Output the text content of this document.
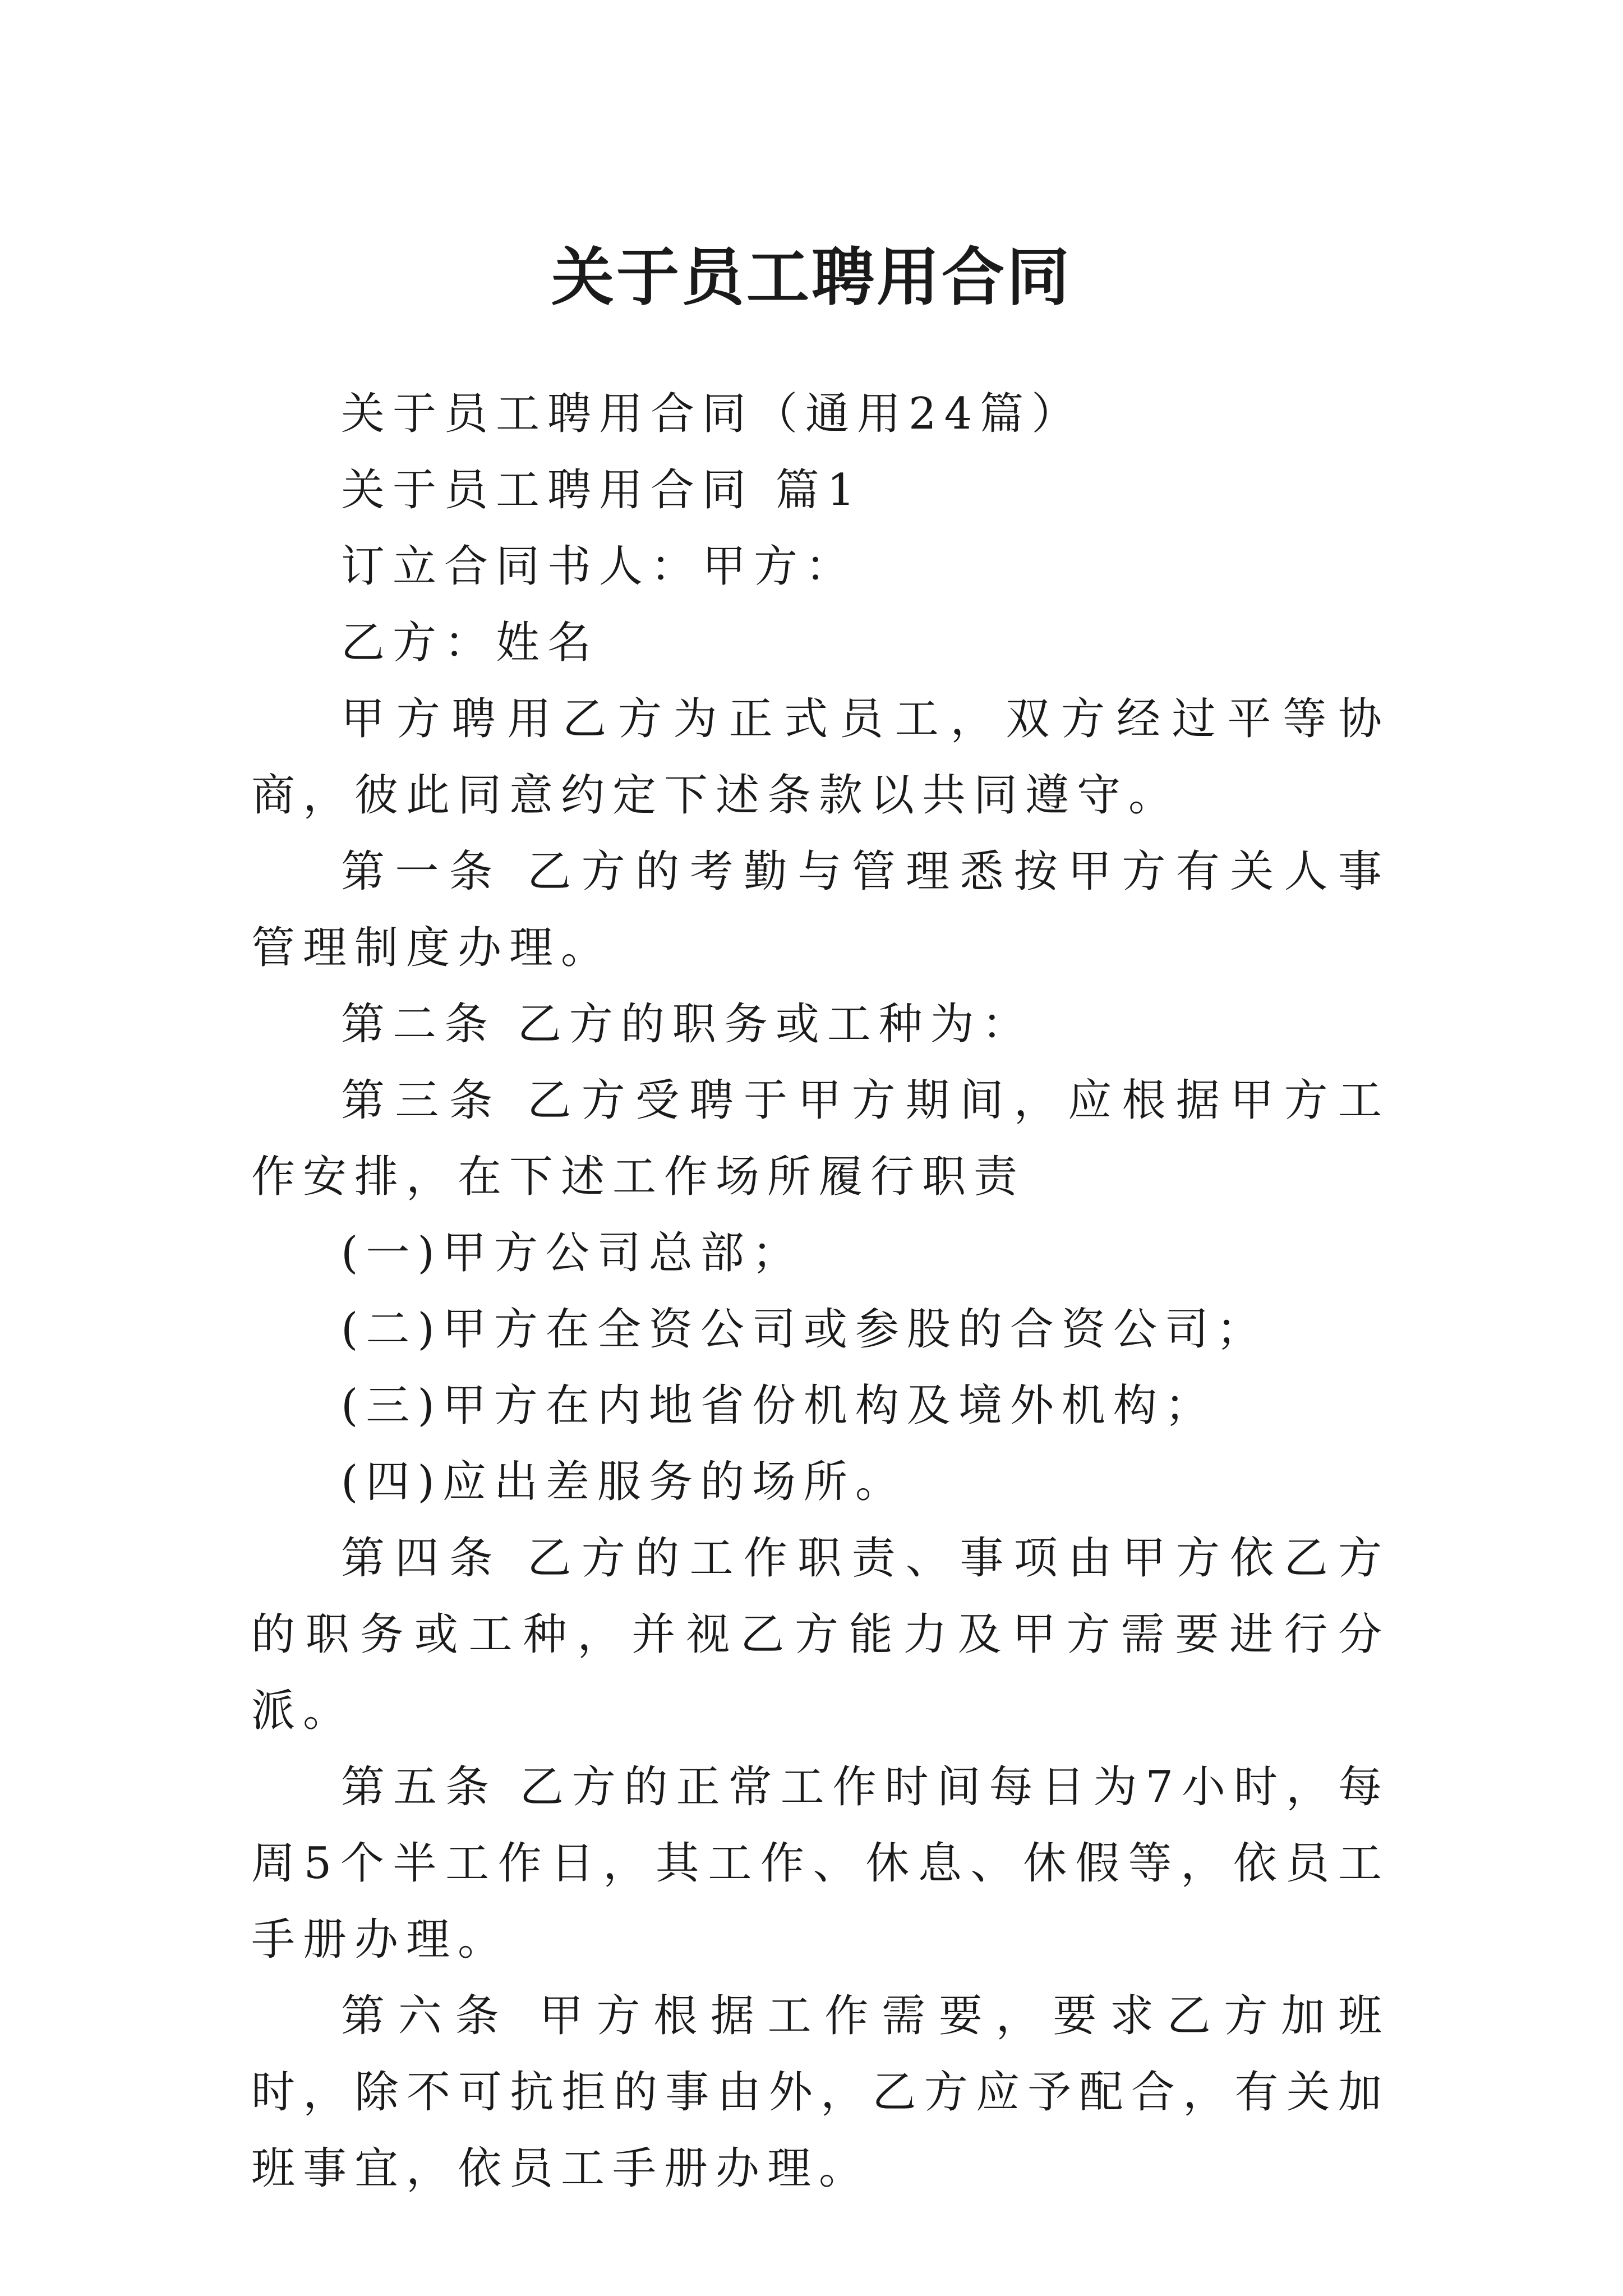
关于员工聘用合同

关于员工聘用合同（通用24篇）

关于员工聘用合同 篇1

订立合同书人：甲方：

乙方：姓名

甲方聘用乙方为正式员工，双方经过平等协商，彼此同意约定下述条款以共同遵守。

第一条 乙方的考勤与管理悉按甲方有关人事管理制度办理。

第二条 乙方的职务或工种为：

第三条 乙方受聘于甲方期间，应根据甲方工作安排，在下述工作场所履行职责

(一)甲方公司总部；

(二)甲方在全资公司或参股的合资公司；

(三)甲方在内地省份机构及境外机构；

(四)应出差服务的场所。

第四条 乙方的工作职责、事项由甲方依乙方的职务或工种，并视乙方能力及甲方需要进行分派。

第五条 乙方的正常工作时间每日为7小时，每周5个半工作日，其工作、休息、休假等，依员工手册办理。

第六条 甲方根据工作需要，要求乙方加班时，除不可抗拒的事由外，乙方应予配合，有关加班事宜，依员工手册办理。
